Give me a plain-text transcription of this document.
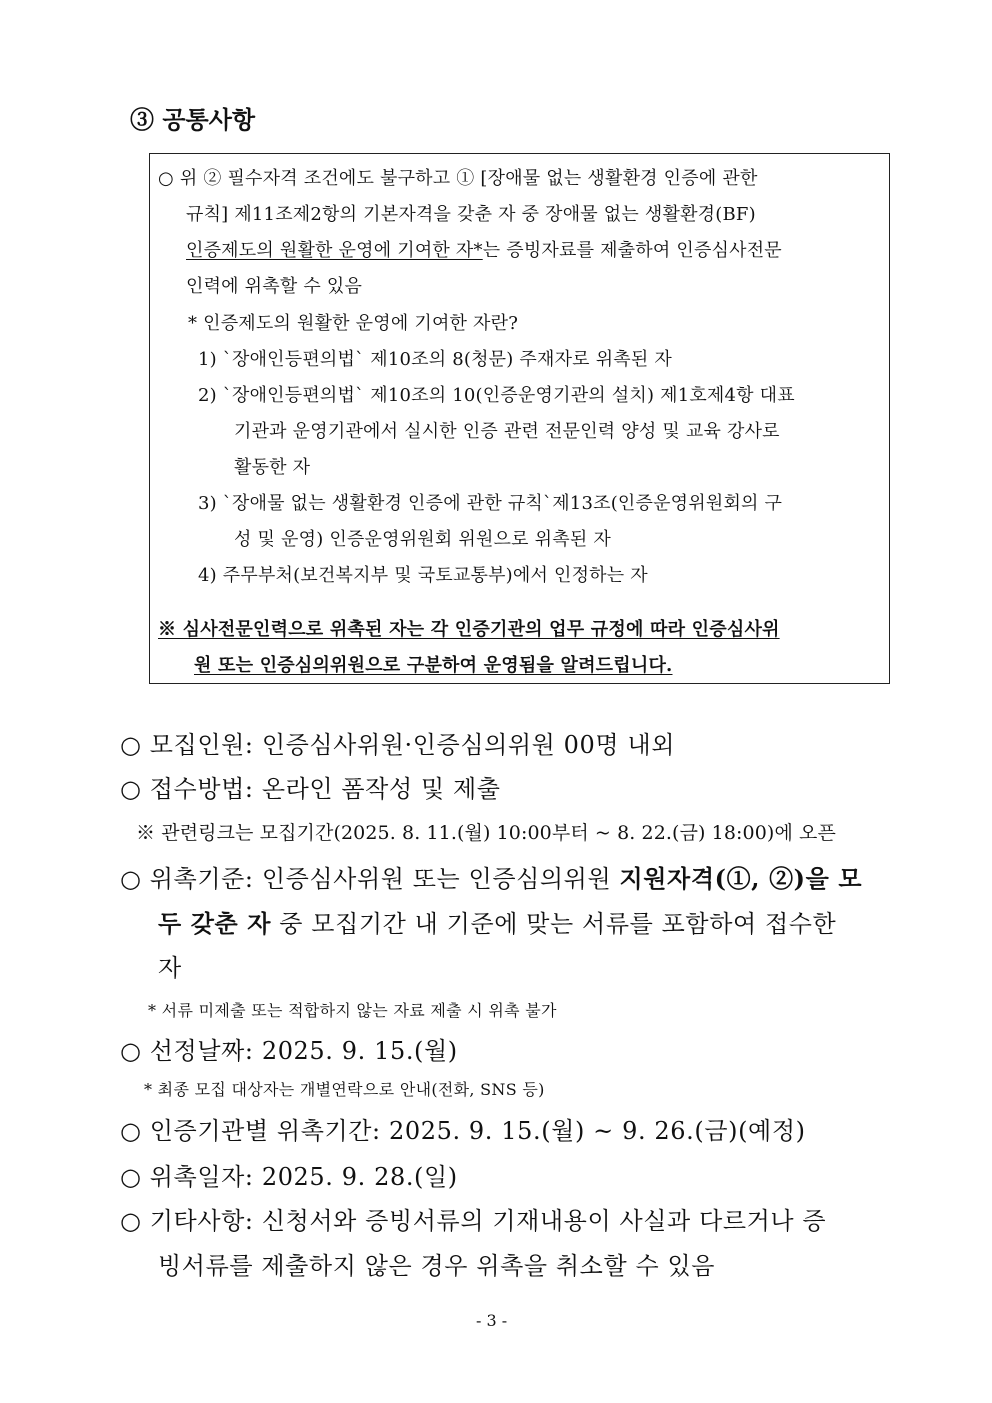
③ 공통사항
○ 위 ② 필수자격 조건에도 불구하고 ① [장애물 없는 생활환경 인증에 관한
규칙] 제11조제2항의 기본자격을 갖춘 자 중 장애물 없는 생활환경(BF)
인증제도의 원활한 운영에 기여한 자*는 증빙자료를 제출하여 인증심사전문
인력에 위촉할 수 있음
* 인증제도의 원활한 운영에 기여한 자란?
1) `장애인등편의법` 제10조의 8(청문) 주재자로 위촉된 자
2) `장애인등편의법` 제10조의 10(인증운영기관의 설치) 제1호제4항 대표
기관과 운영기관에서 실시한 인증 관련 전문인력 양성 및 교육 강사로
활동한 자
3) `장애물 없는 생활환경 인증에 관한 규칙`제13조(인증운영위원회의 구
성 및 운영) 인증운영위원회 위원으로 위촉된 자
4) 주무부처(보건복지부 및 국토교통부)에서 인정하는 자
※ 심사전문인력으로 위촉된 자는 각 인증기관의 업무 규정에 따라 인증심사위
원 또는 인증심의위원으로 구분하여 운영됨을 알려드립니다.
○ 모집인원: 인증심사위원·인증심의위원 00명 내외
○ 접수방법: 온라인 폼작성 및 제출
※ 관련링크는 모집기간(2025. 8. 11.(월) 10:00부터 ~ 8. 22.(금) 18:00)에 오픈
○ 위촉기준: 인증심사위원 또는 인증심의위원 지원자격(①, ②)을 모
두 갖춘 자 중 모집기간 내 기준에 맞는 서류를 포함하여 접수한
자
* 서류 미제출 또는 적합하지 않는 자료 제출 시 위촉 불가
○ 선정날짜: 2025. 9. 15.(월)
* 최종 모집 대상자는 개별연락으로 안내(전화, SNS 등)
○ 인증기관별 위촉기간: 2025. 9. 15.(월) ~ 9. 26.(금)(예정)
○ 위촉일자: 2025. 9. 28.(일)
○ 기타사항: 신청서와 증빙서류의 기재내용이 사실과 다르거나 증
빙서류를 제출하지 않은 경우 위촉을 취소할 수 있음
- 3 -
